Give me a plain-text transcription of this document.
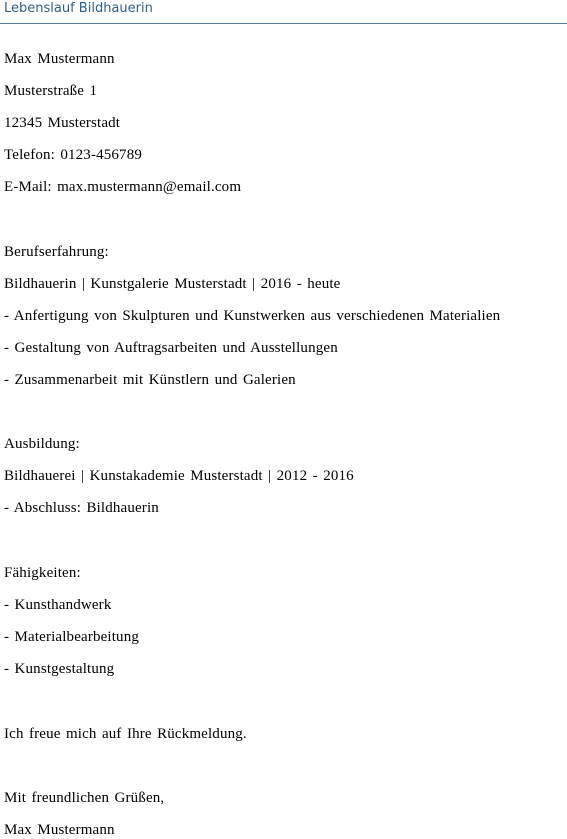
Lebenslauf Bildhauerin
Max Mustermann
Musterstraße 1
12345 Musterstadt
Telefon: 0123-456789
E-Mail: max.mustermann@email.com
Berufserfahrung:
Bildhauerin | Kunstgalerie Musterstadt | 2016 - heute
- Anfertigung von Skulpturen und Kunstwerken aus verschiedenen Materialien
- Gestaltung von Auftragsarbeiten und Ausstellungen
- Zusammenarbeit mit Künstlern und Galerien
Ausbildung:
Bildhauerei | Kunstakademie Musterstadt | 2012 - 2016
- Abschluss: Bildhauerin
Fähigkeiten:
- Kunsthandwerk
- Materialbearbeitung
- Kunstgestaltung
Ich freue mich auf Ihre Rückmeldung.
Mit freundlichen Grüßen,
Max Mustermann
